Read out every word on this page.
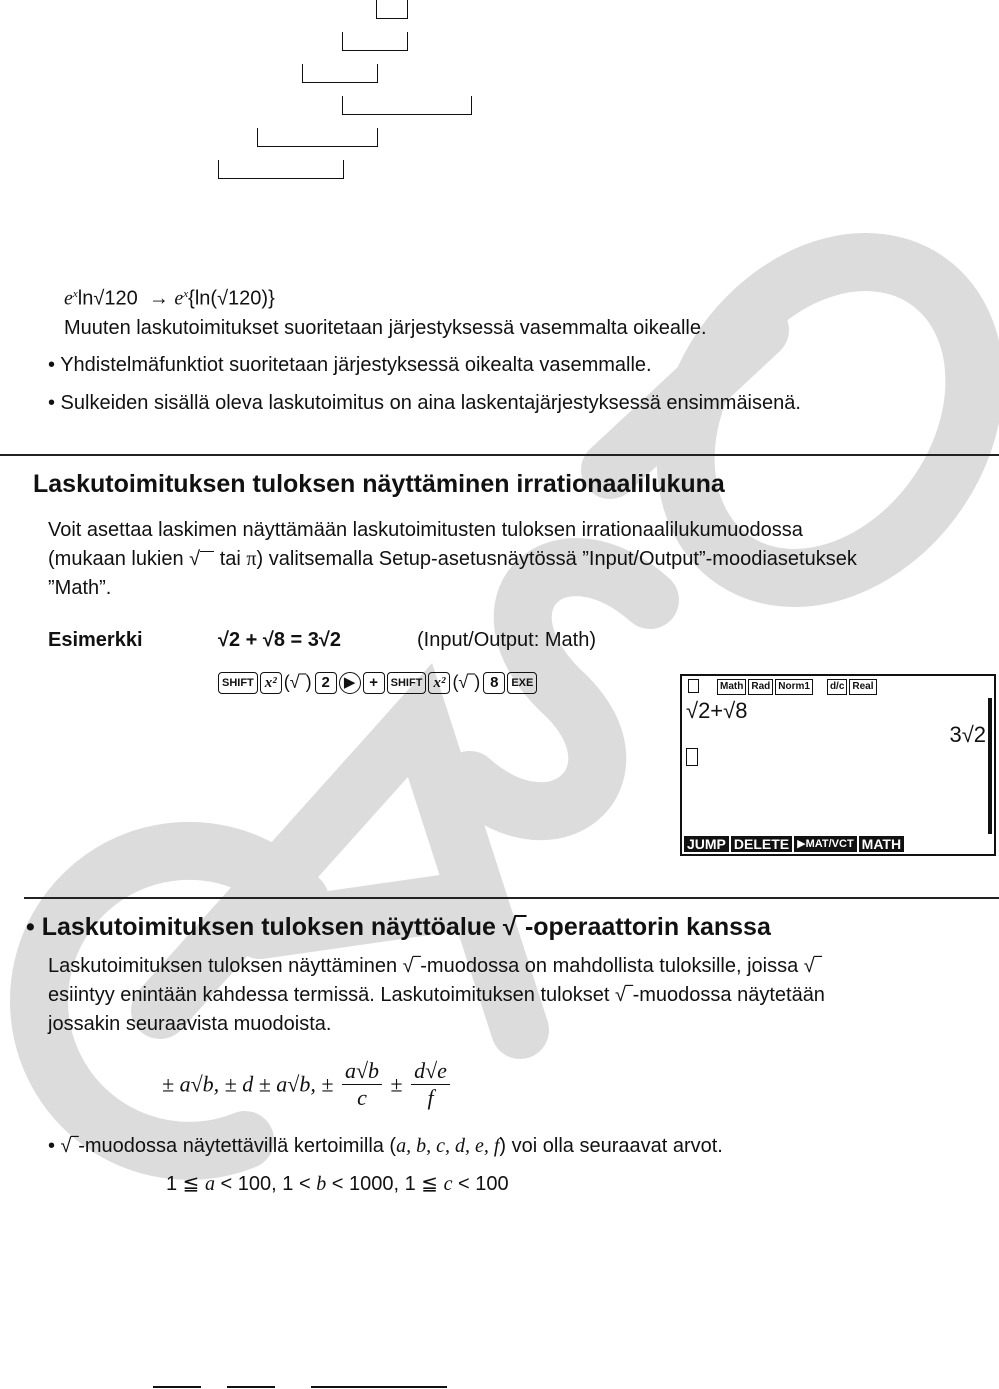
$e^x\ln√120 \to e^x\{\ln(√120)\}$
Muuten laskutoimitukset suoritetaan järjestyksessä vasemmalta oikealle.
• Yhdistelmäfunktiot suoritetaan järjestyksessä oikealta vasemmalle.
• Sulkeiden sisällä oleva laskutoimitus on aina laskentajärjestyksessä ensimmäisenä.
Laskutoimituksen tuloksen näyttäminen irrationaalilukuna
Voit asettaa laskimen näyttämään laskutoimitusten tuloksen irrationaalilukumuodossa
(mukaan lukien √ tai π) valitsemalla Setup-asetusnäytössä ”Input/Output”-moodiasetuksek
”Math”.
Esimerkki	√2 + √8 = 3√2	(Input/Output: Math)
SHIFT x² (√‾) 2 ▶ + SHIFT x² (√‾) 8 EXE	Math Rad Norm1	d/c Real
√2+√8
3√2
JUMP DELETE ▶MAT/VCT MATH
• Laskutoimituksen tuloksen näyttöalue √‾-operaattorin kanssa
Laskutoimituksen tuloksen näyttäminen √‾-muodossa on mahdollista tuloksille, joissa √‾
esiintyy enintään kahdessa termissä. Laskutoimituksen tulokset √‾-muodossa näytetään
jossakin seuraavista muodoista.
± a√b, ± d ± a√b, ± $\frac{a√b}{c} \pm \frac{d√e}{f}$
• √‾-muodossa näytettävillä kertoimilla (a, b, c, d, e, f) voi olla seuraavat arvot.
1 ≦ a < 100, 1 < b < 1000, 1 ≦ c < 100
